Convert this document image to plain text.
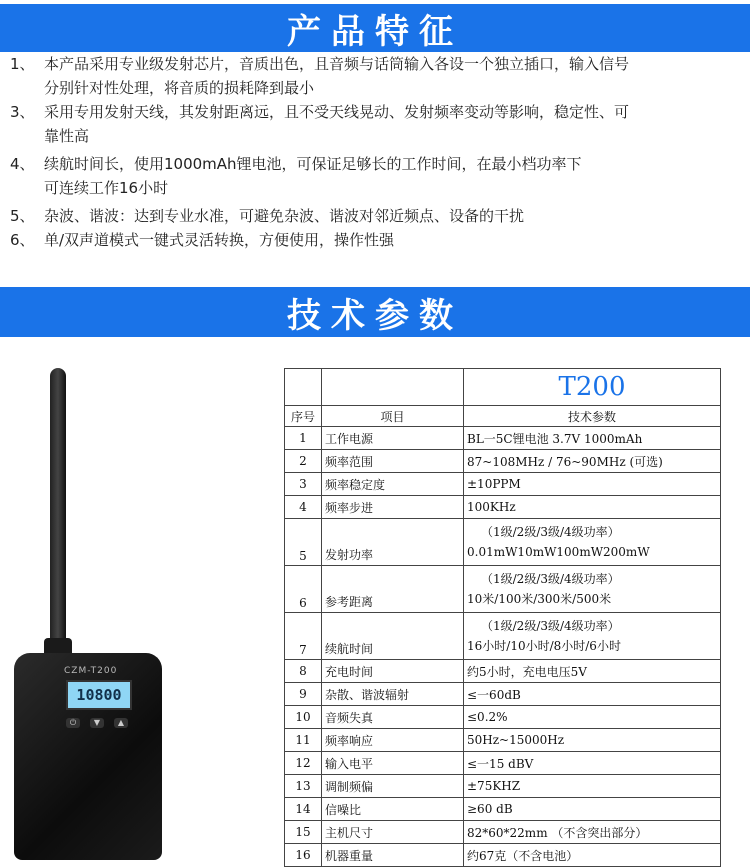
产品特征
1、 本产品采用专业级发射芯片，音质出色，且音频与话筒输入各设一个独立插口，输入信号
分别针对性处理，将音质的损耗降到最小
3、 采用专用发射天线，其发射距离远，且不受天线晃动、发射频率变动等影响，稳定性、可
靠性高
4、 续航时间长，使用1000mAh锂电池，可保证足够长的工作时间，在最小档功率下
可连续工作16小时
5、 杂波、谐波：达到专业水准，可避免杂波、谐波对邻近频点、设备的干扰
6、 单/双声道模式一键式灵活转换，方便使用，操作性强
技术参数
CZM-T200
10800
⏻	▼	▲
		T200
序号	项目	技术参数
1	工作电源	BL一5C锂电池 3.7V 1000mAh
2	频率范围	87~108MHz / 76~90MHz (可选)
3	频率稳定度	±10PPM
4	频率步进	100KHz
5	发射功率	（1级/2级/3级/4级功率）
0.01mW10mW100mW200mW

6	参考距离	（1级/2级/3级/4级功率）
10米/100米/300米/500米

7	续航时间	（1级/2级/3级/4级功率）
16小时/10小时/8小时/6小时

8	充电时间	约5小时，充电电压5V
9	杂散、谐波辐射	≤一60dB
10	音频失真	≤0.2%
11	频率响应	50Hz~15000Hz
12	输入电平	≤一15 dBV
13	调制频偏	±75KHZ
14	信噪比	≥60 dB
15	主机尺寸	82*60*22mm （不含突出部分）
16	机器重量	约67克（不含电池）
